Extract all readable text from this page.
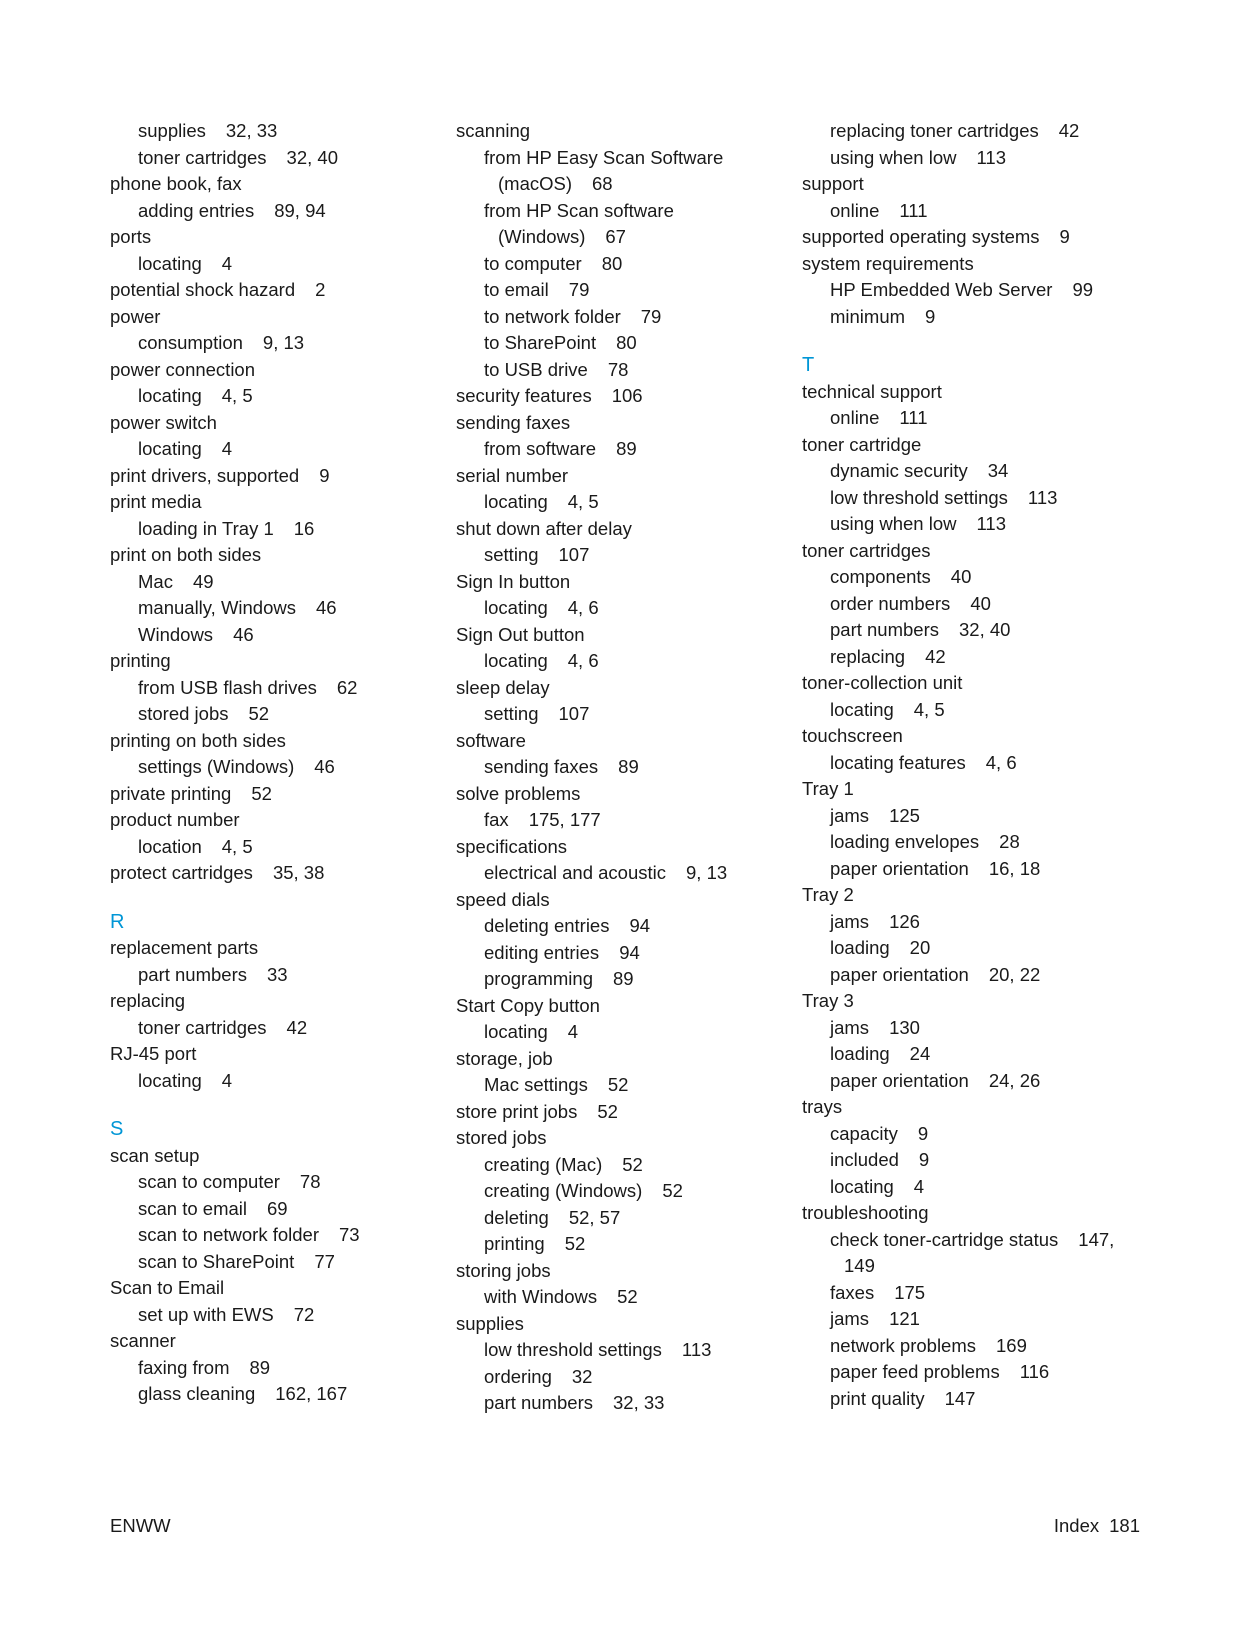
supplies 32, 33
toner cartridges 32, 40
phone book, fax
adding entries 89, 94
ports
locating 4
potential shock hazard 2
power
consumption 9, 13
power connection
locating 4, 5
power switch
locating 4
print drivers, supported 9
print media
loading in Tray 1 16
print on both sides
Mac 49
manually, Windows 46
Windows 46
printing
from USB flash drives 62
stored jobs 52
printing on both sides
settings (Windows) 46
private printing 52
product number
location 4, 5
protect cartridges 35, 38
R
replacement parts
part numbers 33
replacing
toner cartridges 42
RJ-45 port
locating 4
S
scan setup
scan to computer 78
scan to email 69
scan to network folder 73
scan to SharePoint 77
Scan to Email
set up with EWS 72
scanner
faxing from 89
glass cleaning 162, 167
scanning
from HP Easy Scan Software
(macOS) 68
from HP Scan software
(Windows) 67
to computer 80
to email 79
to network folder 79
to SharePoint 80
to USB drive 78
security features 106
sending faxes
from software 89
serial number
locating 4, 5
shut down after delay
setting 107
Sign In button
locating 4, 6
Sign Out button
locating 4, 6
sleep delay
setting 107
software
sending faxes 89
solve problems
fax 175, 177
specifications
electrical and acoustic 9, 13
speed dials
deleting entries 94
editing entries 94
programming 89
Start Copy button
locating 4
storage, job
Mac settings 52
store print jobs 52
stored jobs
creating (Mac) 52
creating (Windows) 52
deleting 52, 57
printing 52
storing jobs
with Windows 52
supplies
low threshold settings 113
ordering 32
part numbers 32, 33
replacing toner cartridges 42
using when low 113
support
online 111
supported operating systems 9
system requirements
HP Embedded Web Server 99
minimum 9
T
technical support
online 111
toner cartridge
dynamic security 34
low threshold settings 113
using when low 113
toner cartridges
components 40
order numbers 40
part numbers 32, 40
replacing 42
toner-collection unit
locating 4, 5
touchscreen
locating features 4, 6
Tray 1
jams 125
loading envelopes 28
paper orientation 16, 18
Tray 2
jams 126
loading 20
paper orientation 20, 22
Tray 3
jams 130
loading 24
paper orientation 24, 26
trays
capacity 9
included 9
locating 4
troubleshooting
check toner-cartridge status 147,
149
faxes 175
jams 121
network problems 169
paper feed problems 116
print quality 147
ENWW	Index 181
